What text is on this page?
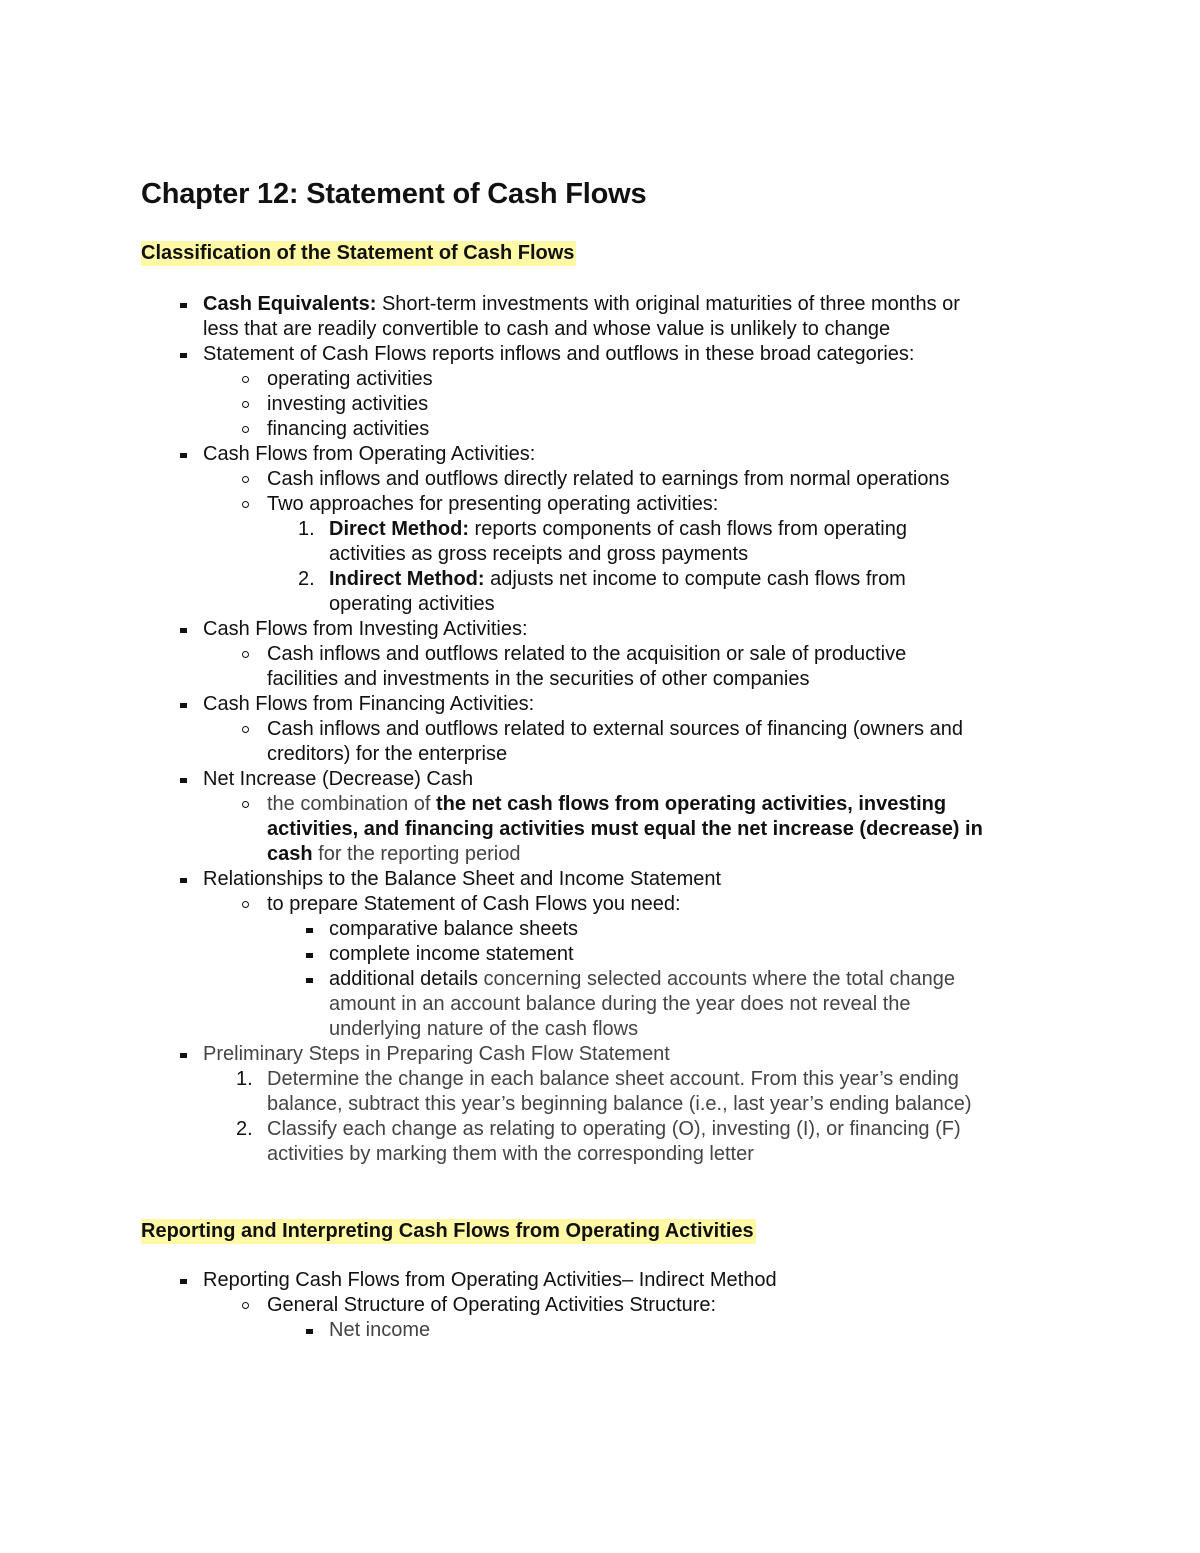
Chapter 12: Statement of Cash Flows
Classification of the Statement of Cash Flows
Cash Equivalents: Short-term investments with original maturities of three months or
less that are readily convertible to cash and whose value is unlikely to change
Statement of Cash Flows reports inflows and outflows in these broad categories:
operating activities
investing activities
financing activities
Cash Flows from Operating Activities:
Cash inflows and outflows directly related to earnings from normal operations
Two approaches for presenting operating activities:
1. Direct Method: reports components of cash flows from operating
activities as gross receipts and gross payments
2. Indirect Method: adjusts net income to compute cash flows from
operating activities
Cash Flows from Investing Activities:
Cash inflows and outflows related to the acquisition or sale of productive
facilities and investments in the securities of other companies
Cash Flows from Financing Activities:
Cash inflows and outflows related to external sources of financing (owners and
creditors) for the enterprise
Net Increase (Decrease) Cash
the combination of the net cash flows from operating activities, investing
activities, and financing activities must equal the net increase (decrease) in
cash for the reporting period
Relationships to the Balance Sheet and Income Statement
to prepare Statement of Cash Flows you need:
comparative balance sheets
complete income statement
additional details concerning selected accounts where the total change
amount in an account balance during the year does not reveal the
underlying nature of the cash flows
Preliminary Steps in Preparing Cash Flow Statement
1. Determine the change in each balance sheet account. From this year’s ending
balance, subtract this year’s beginning balance (i.e., last year’s ending balance)
2. Classify each change as relating to operating (O), investing (I), or financing (F)
activities by marking them with the corresponding letter
Reporting and Interpreting Cash Flows from Operating Activities
Reporting Cash Flows from Operating Activities– Indirect Method
General Structure of Operating Activities Structure:
Net income
